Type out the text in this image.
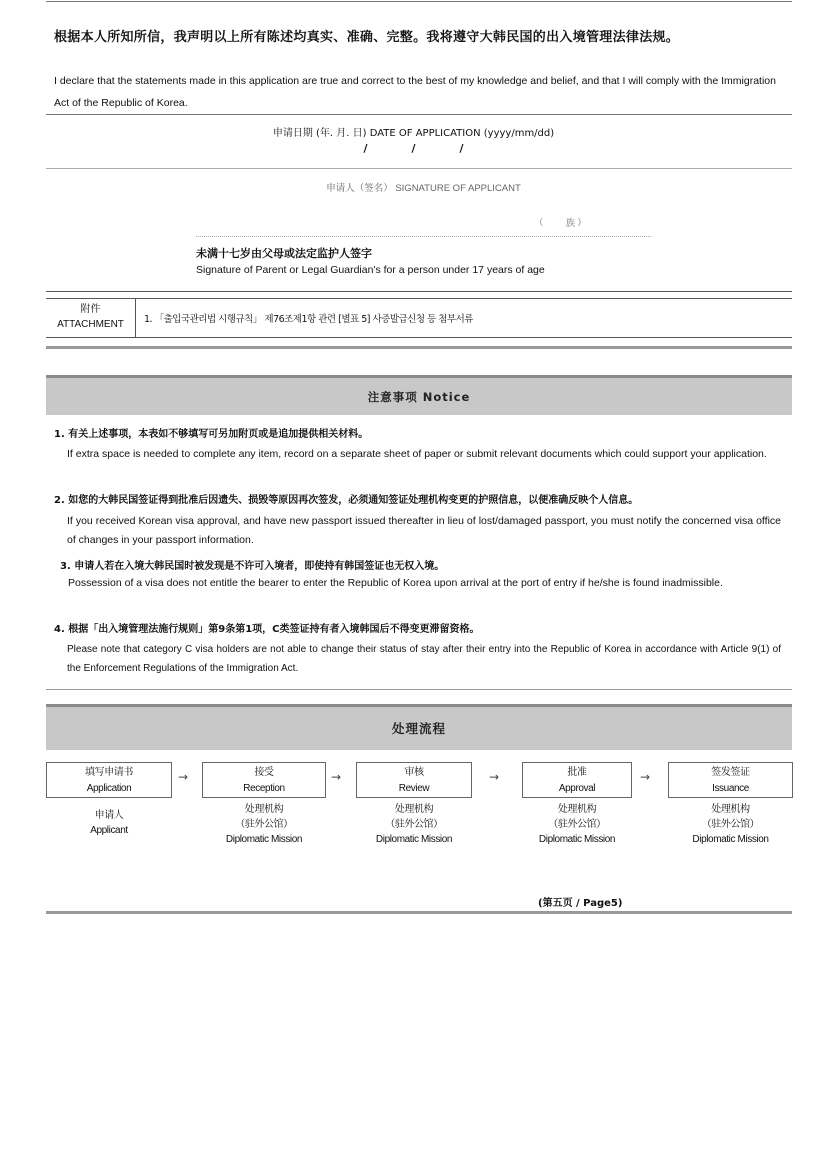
根据本人所知所信，我声明以上所有陈述均真实、准确、完整。我将遵守大韩民国的出入境管理法律法规。
I declare that the statements made in this application are true and correct to the best of my knowledge and belief, and that I will comply with the Immigration Act of the Republic of Korea.
申请日期 (年. 月. 日) DATE OF APPLICATION (yyyy/mm/dd)
/	/	/
申请人（签名） SIGNATURE OF APPLICANT
（    族）
未满十七岁由父母或法定监护人签字
Signature of Parent or Legal Guardian's for a person under 17 years of age
附件
ATTACHMENT	1. 「출입국관리법 시행규칙」 제76조제1항 관련 [별표 5] 사증발급신청 등 첨부서류
注意事项 Notice
1. 有关上述事项，本表如不够填写可另加附页或是追加提供相关材料。
If extra space is needed to complete any item, record on a separate sheet of paper or submit relevant documents which could support your application.
2. 如您的大韩民国签证得到批准后因遗失、损毁等原因再次签发，必须通知签证处理机构变更的护照信息，以便准确反映个人信息。
If you received Korean visa approval, and have new passport issued thereafter in lieu of lost/damaged passport, you must notify the concerned visa office of changes in your passport information.
3. 申请人若在入境大韩民国时被发现是不许可入境者，即使持有韩国签证也无权入境。
Possession of a visa does not entitle the bearer to enter the Republic of Korea upon arrival at the port of entry if he/she is found inadmissible.
4. 根据「出入境管理法施行规则」第9条第1项，C类签证持有者入境韩国后不得变更滞留资格。
Please note that category C visa holders are not able to change their status of stay after their entry into the Republic of Korea in accordance with Article 9(1) of the Enforcement Regulations of the Immigration Act.
处理流程
填写申请书
Application
→	接受
Reception
→	审核
Review
→	批准
Approval
→	签发签证
Issuance
申请人
Applicant
处理机构
（驻外公馆）
Diplomatic Mission
处理机构
（驻外公馆）
Diplomatic Mission
处理机构
（驻外公馆）
Diplomatic Mission
处理机构
（驻外公馆）
Diplomatic Mission
(第五页 / Page5)
